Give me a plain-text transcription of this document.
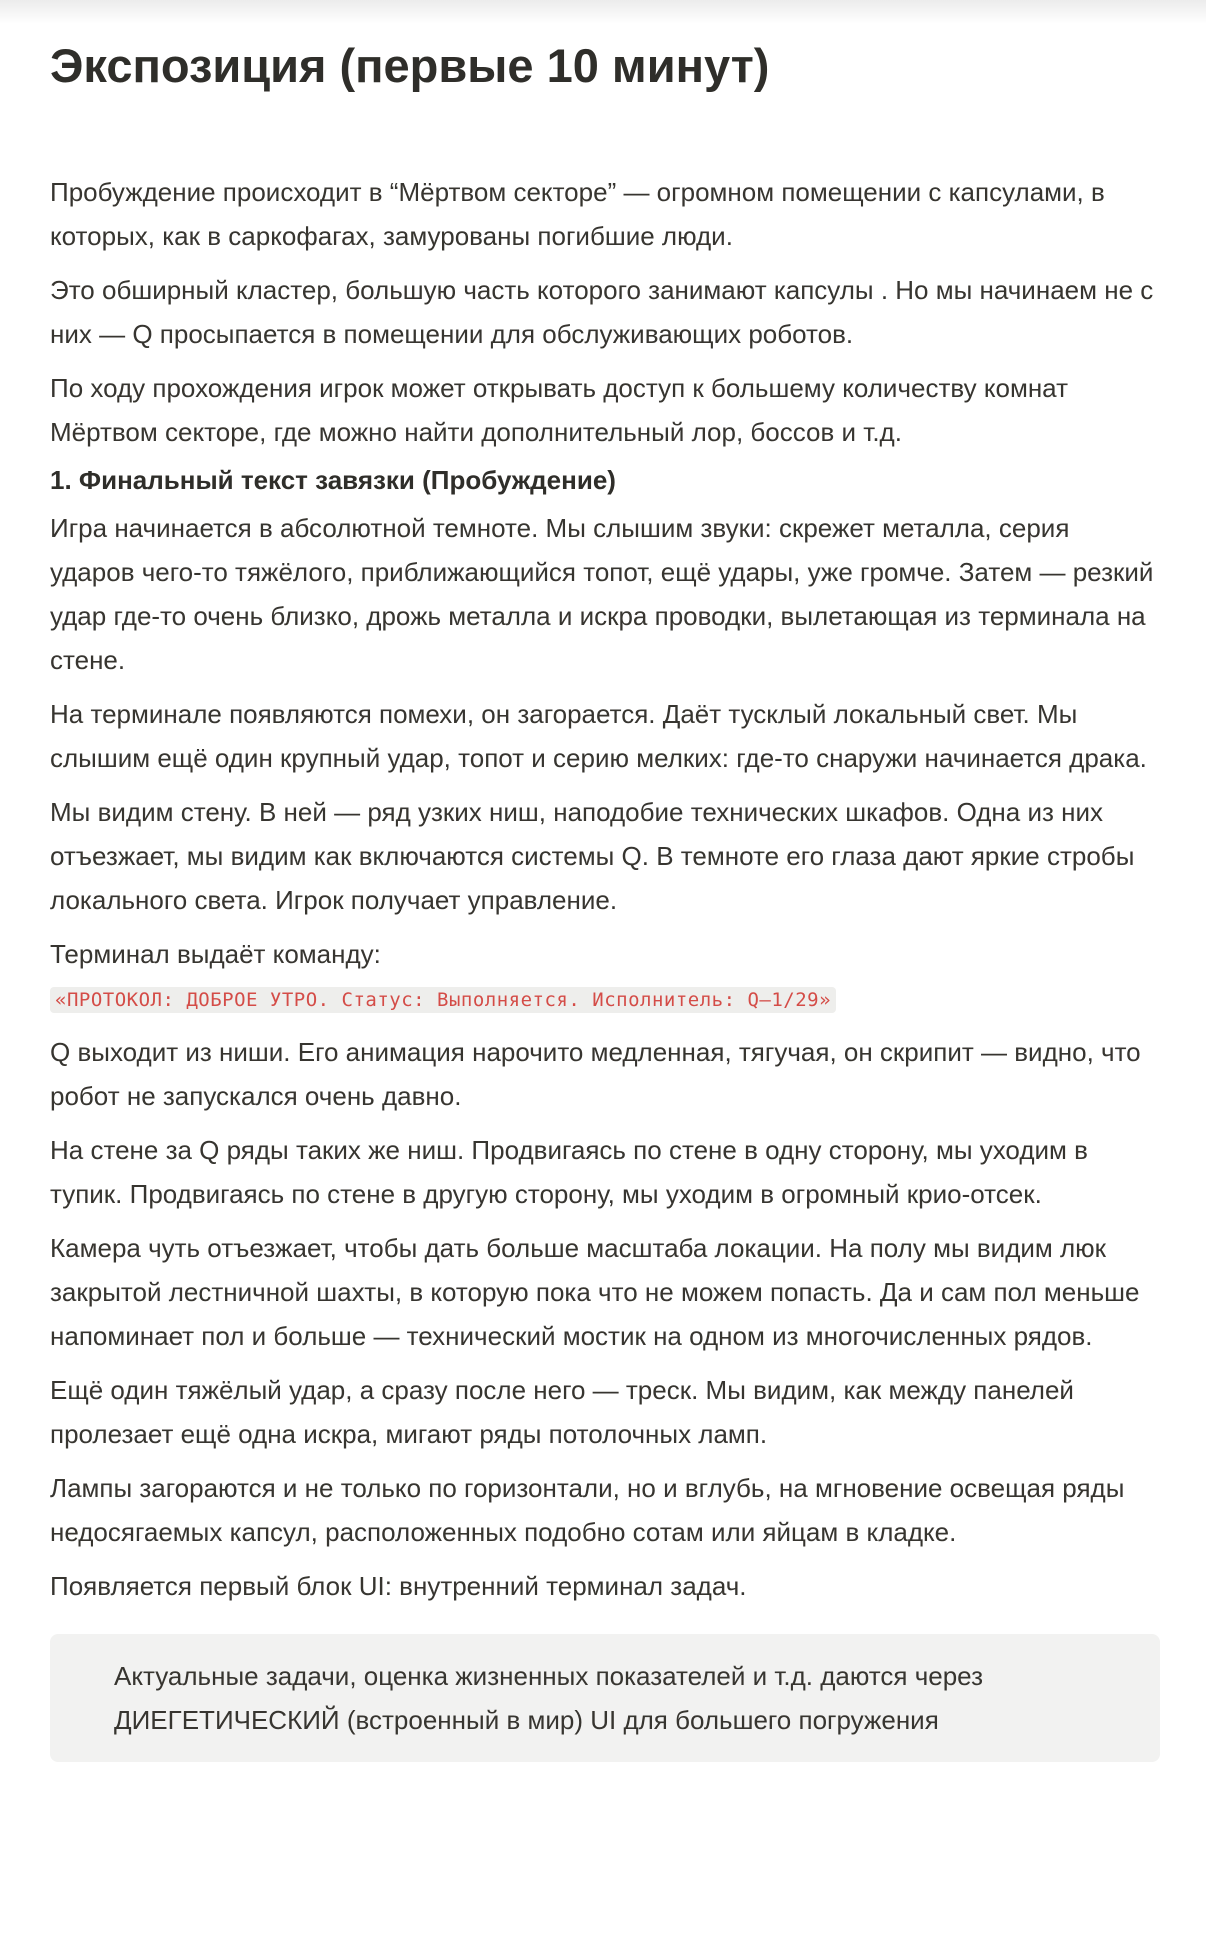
Экспозиция (первые 10 минут)

Пробуждение происходит в “Мёртвом секторе” — огромном помещении с капсулами, в которых, как в саркофагах, замурованы погибшие люди.

Это обширный кластер, большую часть которого занимают капсулы . Но мы начинаем не с них — Q просыпается в помещении для обслуживающих роботов.

По ходу прохождения игрок может открывать доступ к большему количеству комнат Мёртвом секторе, где можно найти дополнительный лор, боссов и т.д.

1. Финальный текст завязки (Пробуждение)

Игра начинается в абсолютной темноте. Мы слышим звуки: скрежет металла, серия ударов чего-то тяжёлого, приближающийся топот, ещё удары, уже громче. Затем — резкий удар где-то очень близко, дрожь металла и искра проводки, вылетающая из терминала на стене.

На терминале появляются помехи, он загорается. Даёт тусклый локальный свет. Мы слышим ещё один крупный удар, топот и серию мелких: где-то снаружи начинается драка.

Мы видим стену. В ней — ряд узких ниш, наподобие технических шкафов. Одна из них отъезжает, мы видим как включаются системы Q. В темноте его глаза дают яркие стробы локального света. Игрок получает управление.

Терминал выдаёт команду:

«ПРОТОКОЛ: ДОБРОЕ УТРО. Статус: Выполняется. Исполнитель: Q–1/29»

Q выходит из ниши. Его анимация нарочито медленная, тягучая, он скрипит — видно, что робот не запускался очень давно.

На стене за Q ряды таких же ниш. Продвигаясь по стене в одну сторону, мы уходим в тупик. Продвигаясь по стене в другую сторону, мы уходим в огромный крио-отсек.

Камера чуть отъезжает, чтобы дать больше масштаба локации. На полу мы видим люк закрытой лестничной шахты, в которую пока что не можем попасть. Да и сам пол меньше напоминает пол и больше — технический мостик на одном из многочисленных рядов.

Ещё один тяжёлый удар, а сразу после него — треск. Мы видим, как между панелей пролезает ещё одна искра, мигают ряды потолочных ламп.

Лампы загораются и не только по горизонтали, но и вглубь, на мгновение освещая ряды недосягаемых капсул, расположенных подобно сотам или яйцам в кладке.

Появляется первый блок UI: внутренний терминал задач.

Актуальные задачи, оценка жизненных показателей и т.д. даются через ДИЕГЕТИЧЕСКИЙ (встроенный в мир) UI для большего погружения
